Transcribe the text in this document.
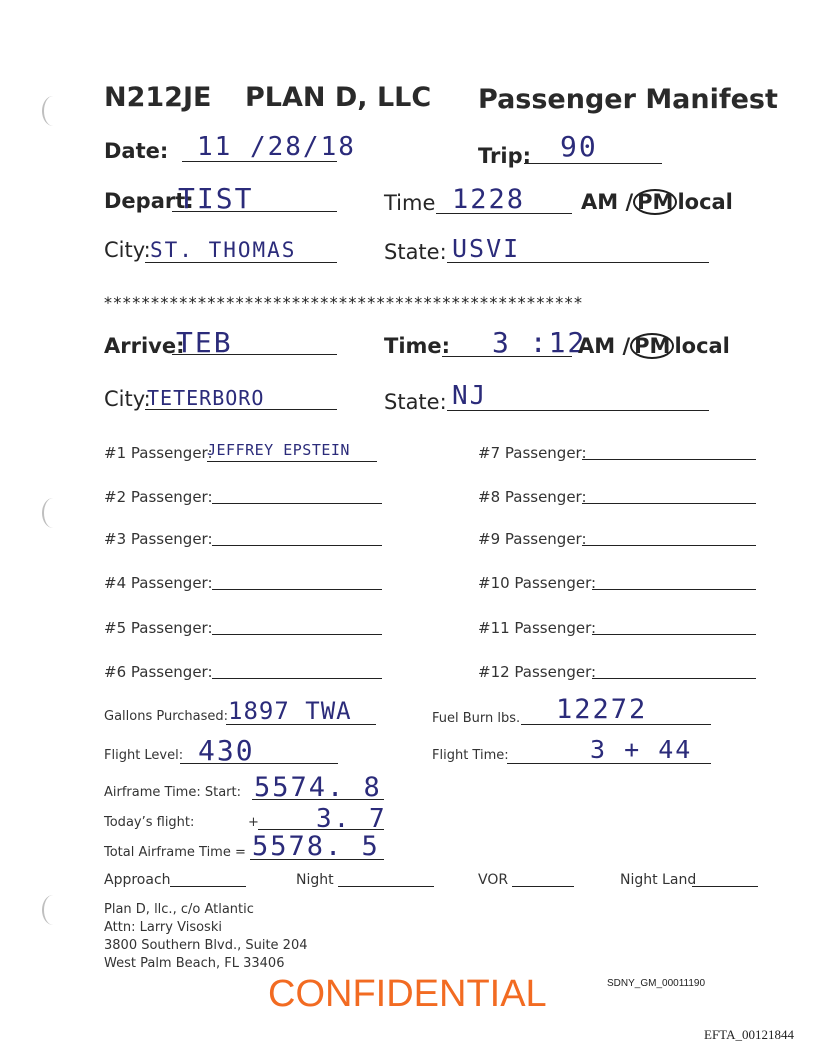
N212JE PLAN D, LLC Passenger Manifest
Date: 11 /28/18	Trip: 90
Depart:
TIST	Time 1228	AM / PM local
City: ST. THOMAS	State: USVI
***************************************************
Arrive:
TEB	Time: 3 :12
AM / PM local
City:
TETERBORO	State: NJ
#1 Passenger:
JEFFREY EPSTEIN
#2 Passenger:
#3 Passenger:
#4 Passenger:
#5 Passenger:
#6 Passenger:
#7 Passenger:
#8 Passenger:
#9 Passenger:
#10 Passenger:
#11 Passenger:
#12 Passenger:
Gallons Purchased: 1897 TWA	Fuel Burn lbs. 12272
Flight Level: 430	Flight Time:	3 + 44
Airframe Time: Start: 5574. 8
Today’s flight:	+ 3. 7
Total Airframe Time = 5578. 5
Approach	Night	VOR	Night Land
Plan D, llc., c/o Atlantic
Attn: Larry Visoski
3800 Southern Blvd., Suite 204
West Palm Beach, FL 33406
CONFIDENTIAL	SDNY_GM_00011190
EFTA_00121844
